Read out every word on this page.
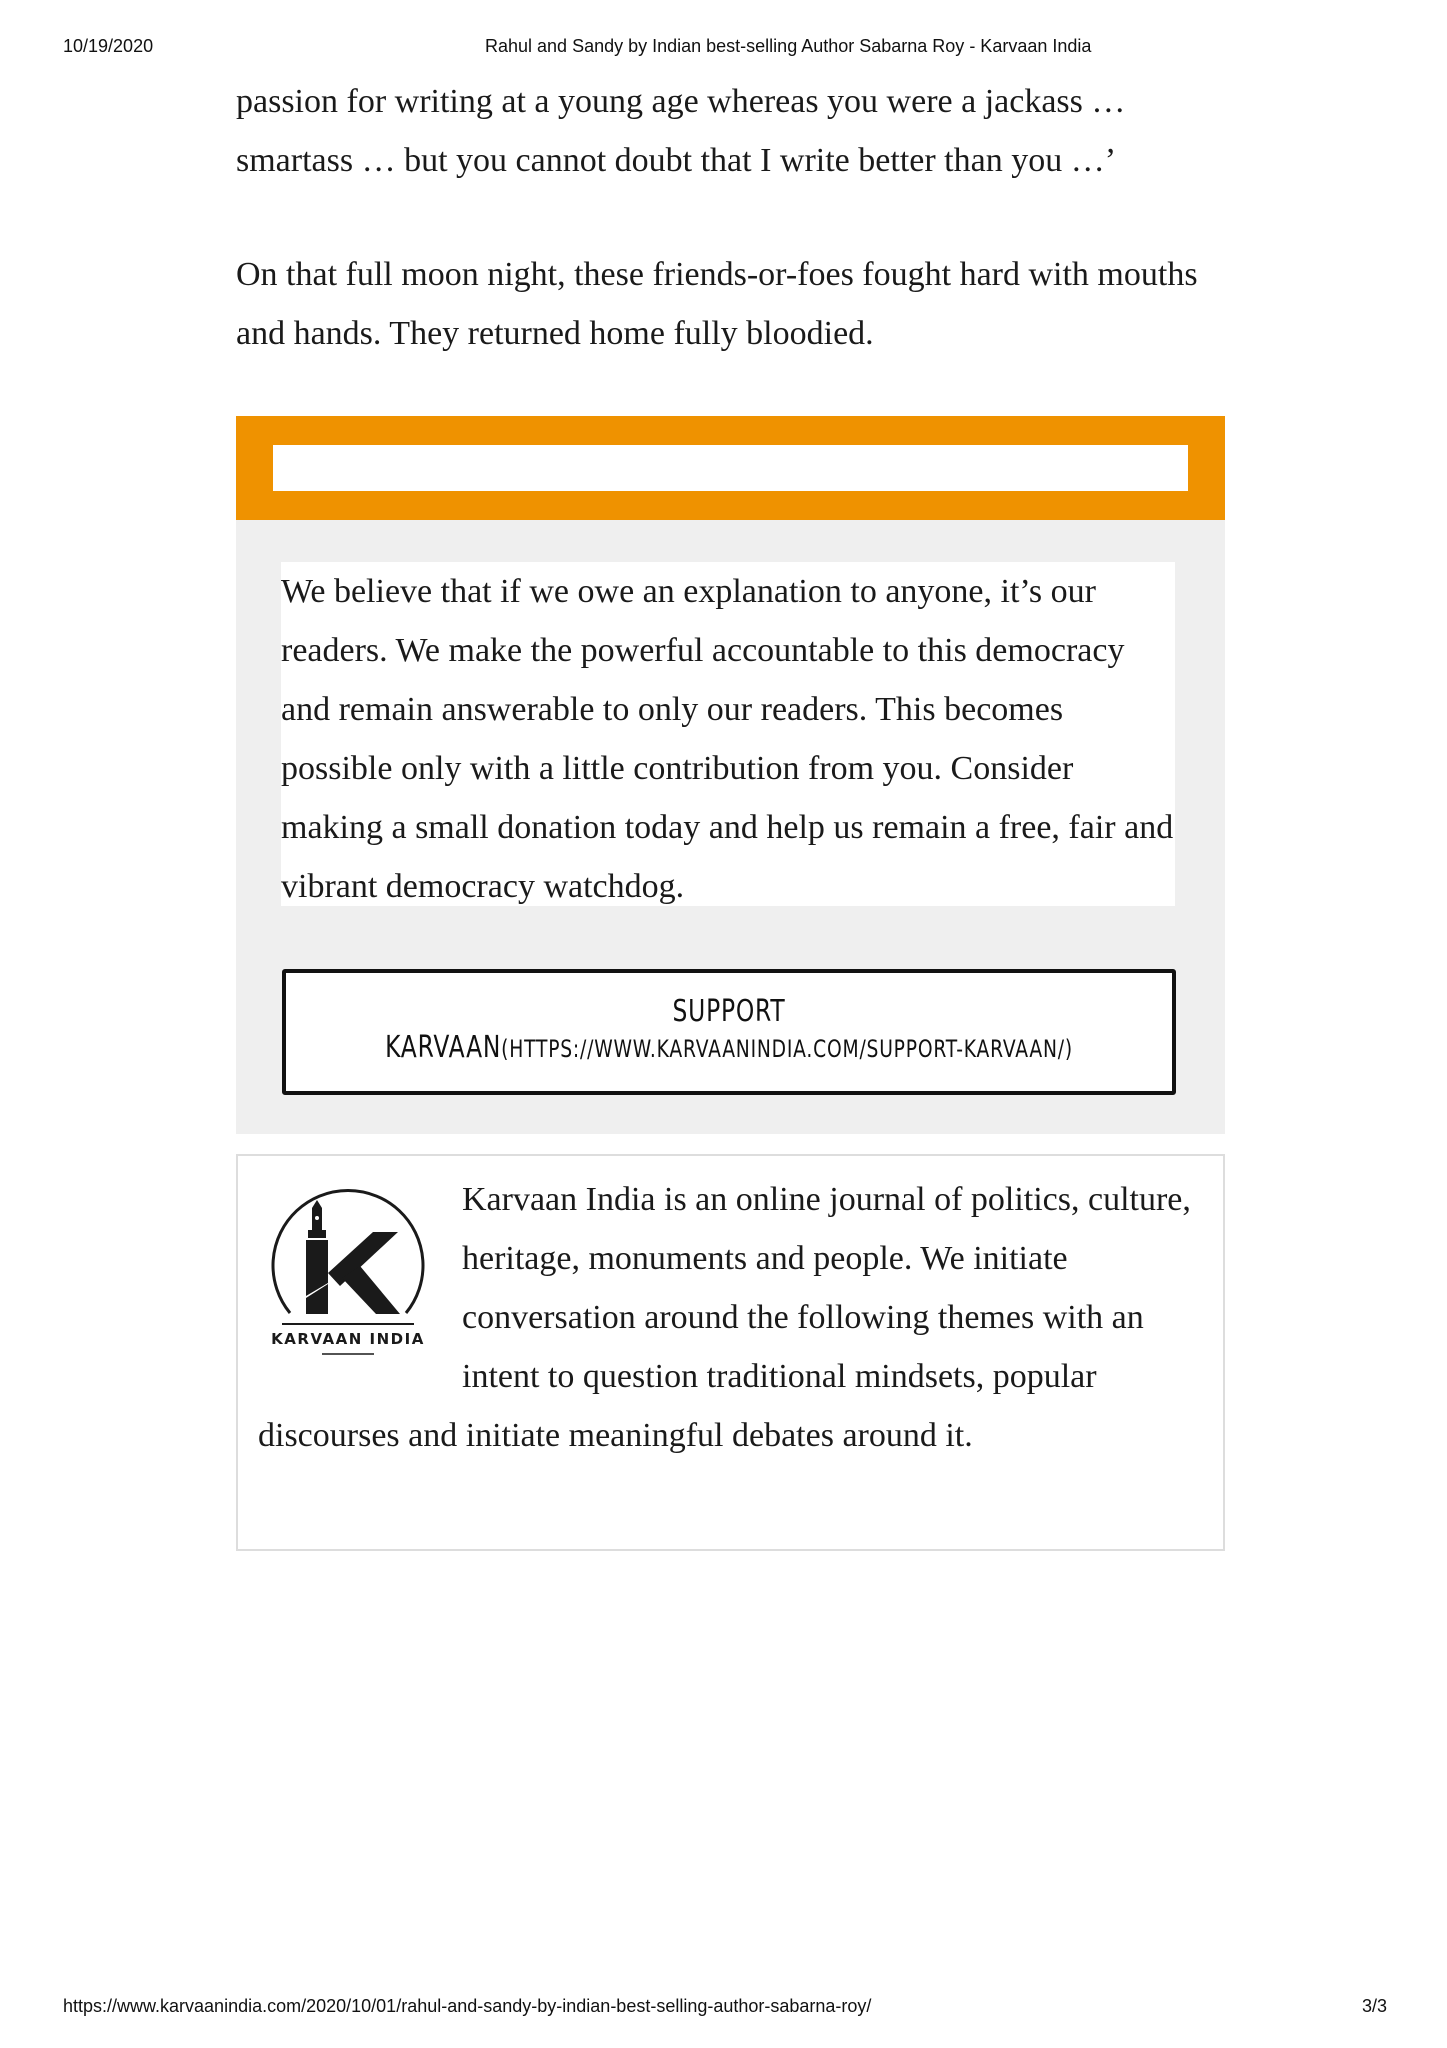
10/19/2020	Rahul and Sandy by Indian best-selling Author Sabarna Roy - Karvaan India

passion for writing at a young age whereas you were a jackass … smartass … but you cannot doubt that I write better than you …’

On that full moon night, these friends-or-foes fought hard with mouths and hands. They returned home fully bloodied.

We believe that if we owe an explanation to anyone, it’s our readers. We make the powerful accountable to this democracy and remain answerable to only our readers. This becomes possible only with a little contribution from you. Consider making a small donation today and help us remain a free, fair and vibrant democracy watchdog.

SUPPORT KARVAAN(HTTPS://WWW.KARVAANINDIA.COM/SUPPORT-KARVAAN/)
KARVAAN INDIA

Karvaan India is an online journal of politics, culture, heritage, monuments and people. We initiate conversation around the following themes with an intent to question traditional mindsets, popular discourses and initiate meaningful debates around it.

https://www.karvaanindia.com/2020/10/01/rahul-and-sandy-by-indian-best-selling-author-sabarna-roy/	3/3
